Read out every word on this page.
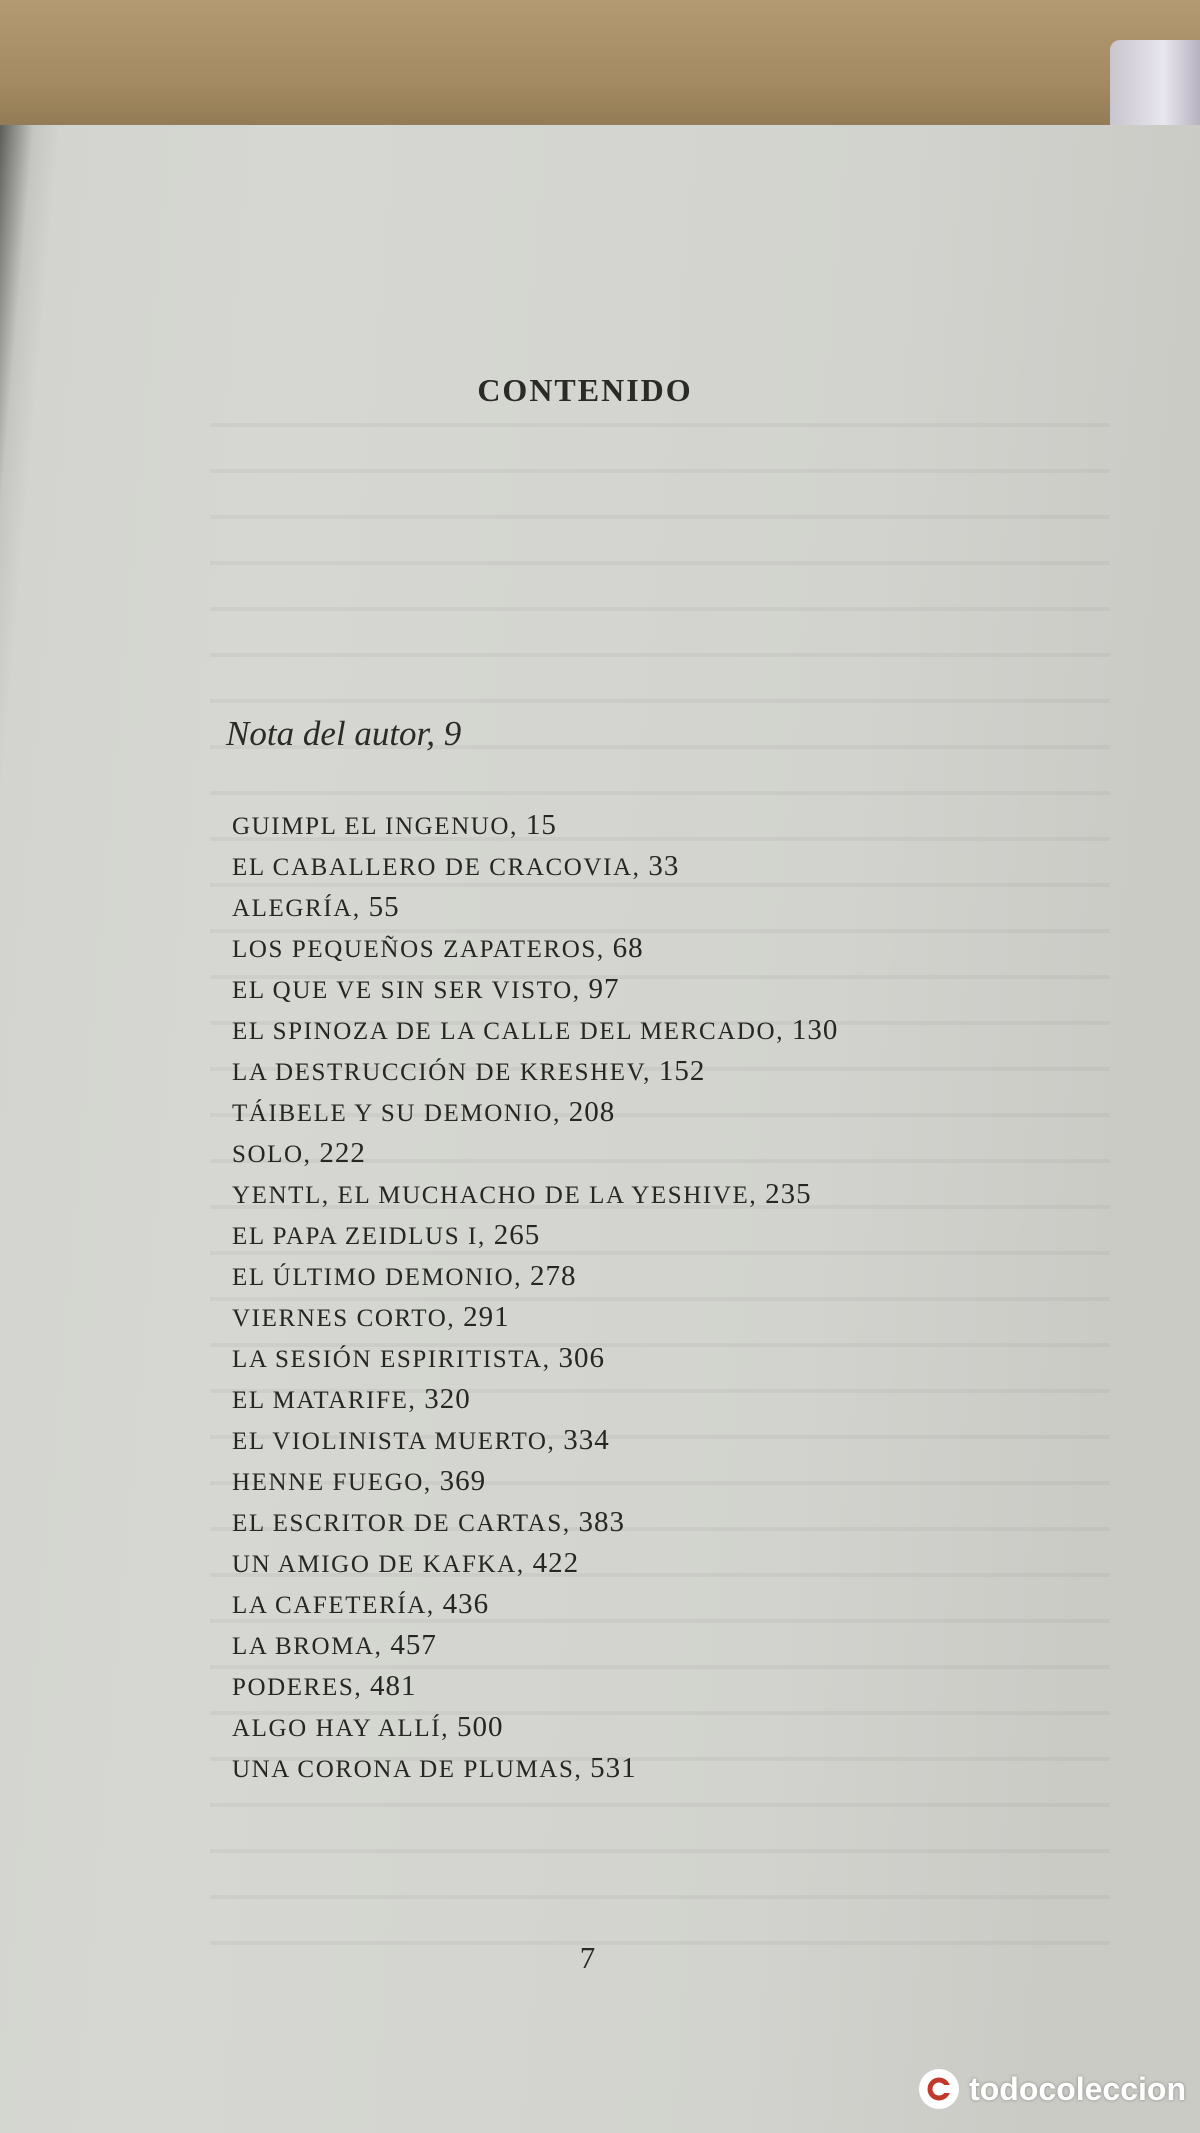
CONTENIDO

Nota del autor, 9

GUIMPL EL INGENUO, 15
EL CABALLERO DE CRACOVIA, 33
ALEGRÍA, 55
LOS PEQUEÑOS ZAPATEROS, 68
EL QUE VE SIN SER VISTO, 97
EL SPINOZA DE LA CALLE DEL MERCADO, 130
LA DESTRUCCIÓN DE KRESHEV, 152
TÁIBELE Y SU DEMONIO, 208
SOLO, 222
YENTL, EL MUCHACHO DE LA YESHIVE, 235
EL PAPA ZEIDLUS I, 265
EL ÚLTIMO DEMONIO, 278
VIERNES CORTO, 291
LA SESIÓN ESPIRITISTA, 306
EL MATARIFE, 320
EL VIOLINISTA MUERTO, 334
HENNE FUEGO, 369
EL ESCRITOR DE CARTAS, 383
UN AMIGO DE KAFKA, 422
LA CAFETERÍA, 436
LA BROMA, 457
PODERES, 481
ALGO HAY ALLÍ, 500
UNA CORONA DE PLUMAS, 531

7

todocoleccion
